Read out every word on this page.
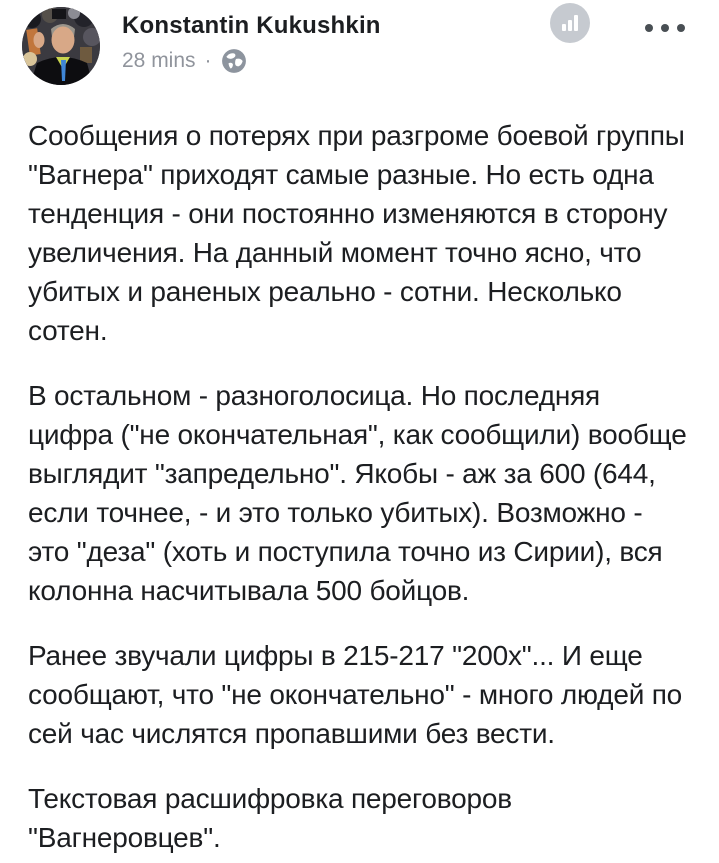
Konstantin Kukushkin
28 mins ·

Сообщения о потерях при разгроме боевой группы "Вагнера" приходят самые разные. Но есть одна тенденция - они постоянно изменяются в сторону увеличения. На данный момент точно ясно, что убитых и раненых реально - сотни. Несколько сотен.

В остальном - разноголосица. Но последняя цифра ("не окончательная", как сообщили) вообще выглядит "запредельно". Якобы - аж за 600 (644, если точнее, - и это только убитых). Возможно - это "деза" (хоть и поступила точно из Сирии), вся колонна насчитывала 500 бойцов.

Ранее звучали цифры в 215-217 "200х"... И еще сообщают, что "не окончательно" - много людей по сей час числятся пропавшими без вести.

Текстовая расшифровка переговоров "Вагнеровцев".
